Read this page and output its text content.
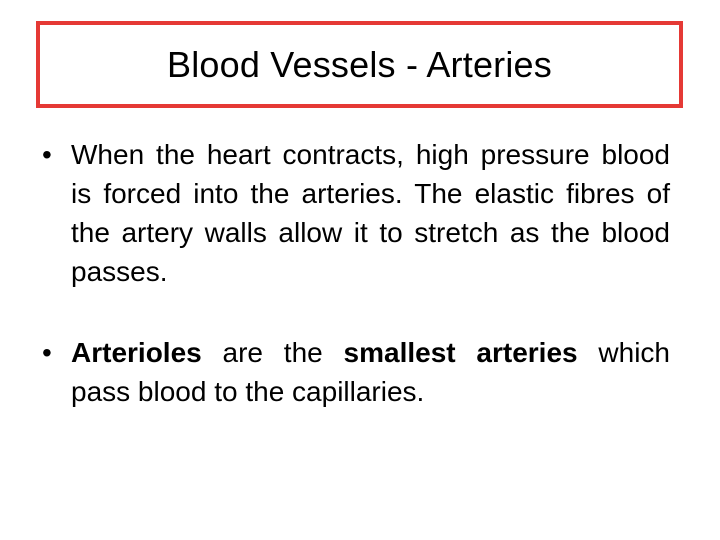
Blood Vessels - Arteries
• When the heart contracts, high pressure blood is forced into the arteries. The elastic fibres of the artery walls allow it to stretch as the blood passes.
• Arterioles are the smallest arteries which pass blood to the capillaries.
